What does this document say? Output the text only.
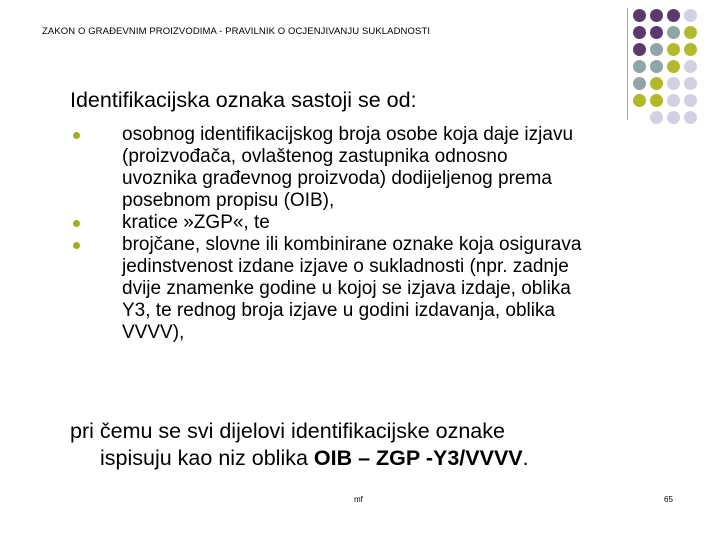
ZAKON O GRAĐEVNIM PROIZVODIMA - PRAVILNIK O OCJENJIVANJU SUKLADNOSTI
Identifikacijska oznaka sastoji se od:
osobnog identifikacijskog broja osobe koja daje izjavu
(proizvođača, ovlaštenog zastupnika odnosno
uvoznika građevnog proizvoda) dodijeljenog prema
posebnom propisu (OIB),
kratice »ZGP«, te
brojčane, slovne ili kombinirane oznake koja osigurava
jedinstvenost izdane izjave o sukladnosti (npr. zadnje
dvije znamenke godine u kojoj se izjava izdaje, oblika
Y3, te rednog broja izjave u godini izdavanja, oblika
VVVV),
pri čemu se svi dijelovi identifikacijske oznake
ispisuju kao niz oblika OIB – ZGP -Y3/VVVV.
mf	65
